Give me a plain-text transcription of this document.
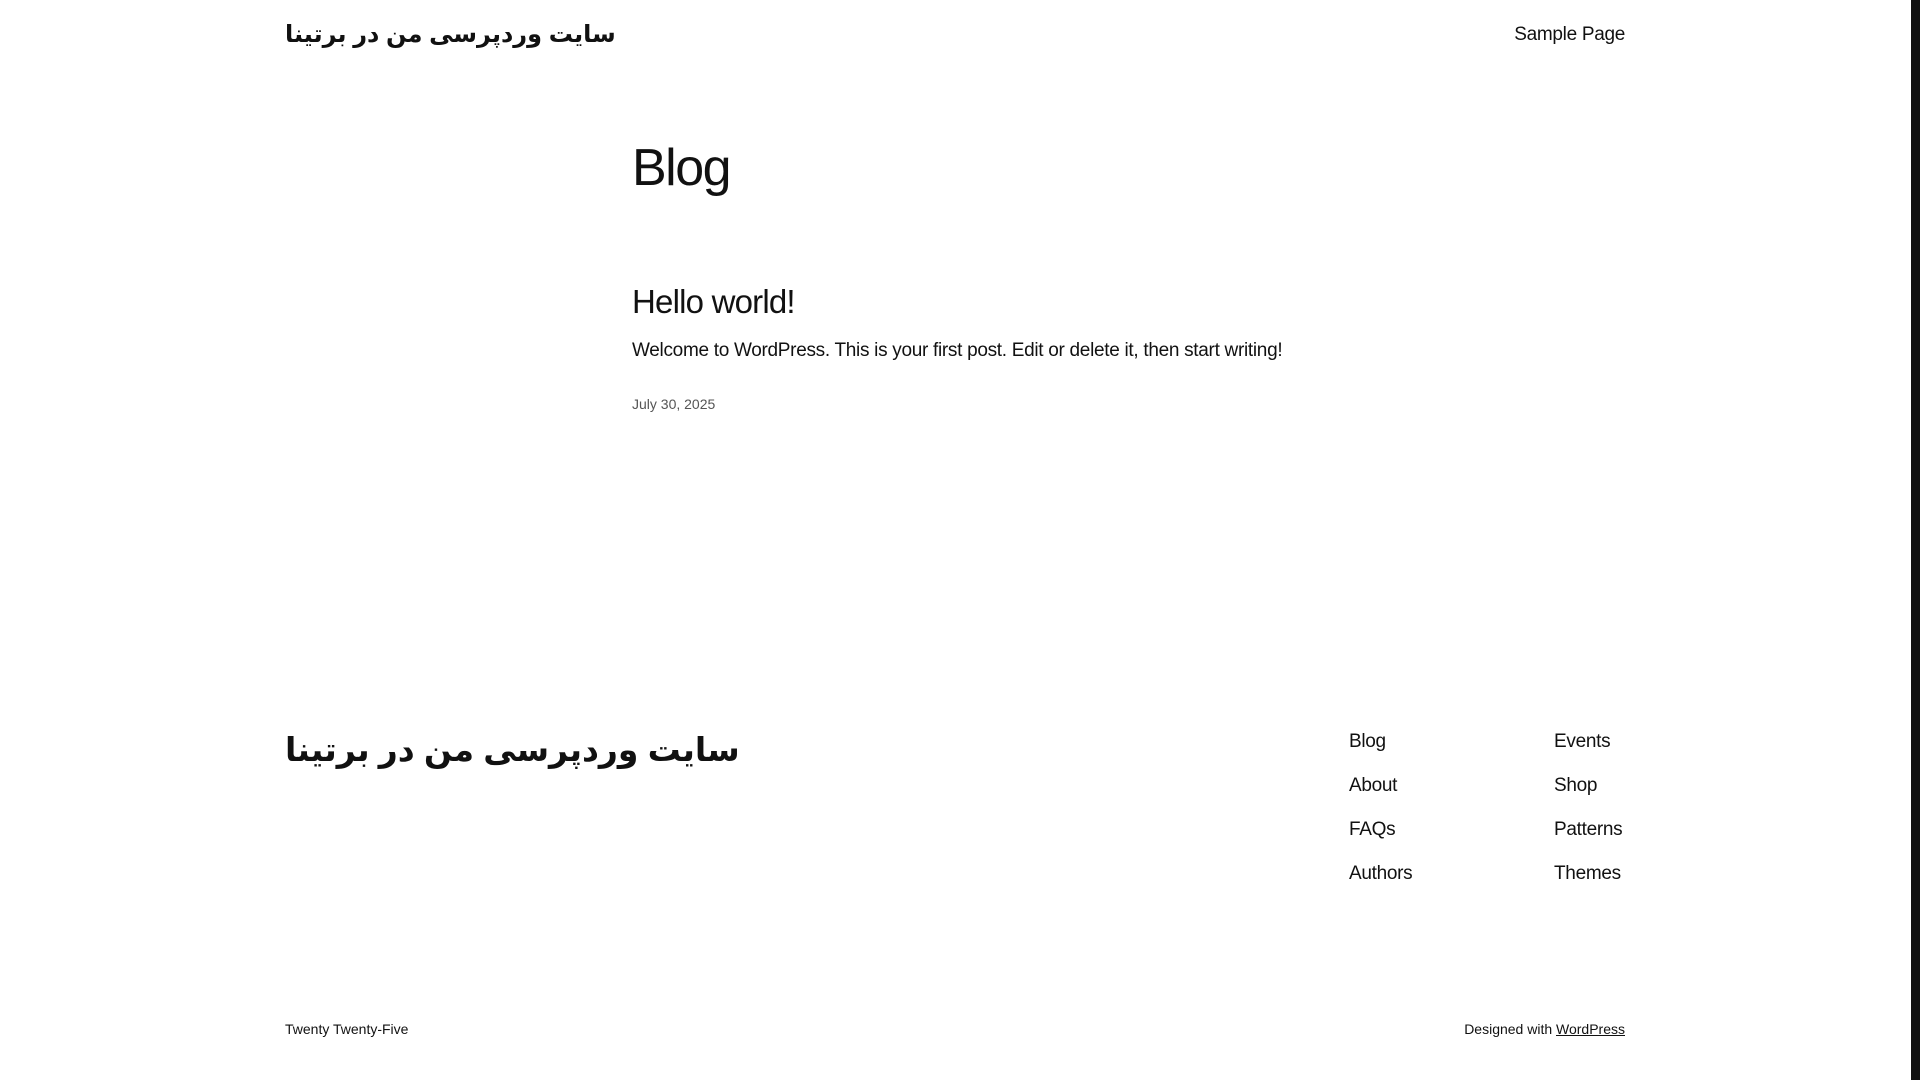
سایت وردپرسی من در برتینا	Sample Page
Blog
Hello world!

Welcome to WordPress. This is your first post. Edit or delete it, then start writing!

July 30, 2025
سایت وردپرسی من در برتینا	Blog
About
FAQs
Authors
Events
Shop
Patterns
Themes

Twenty Twenty-Five	Designed with WordPress
